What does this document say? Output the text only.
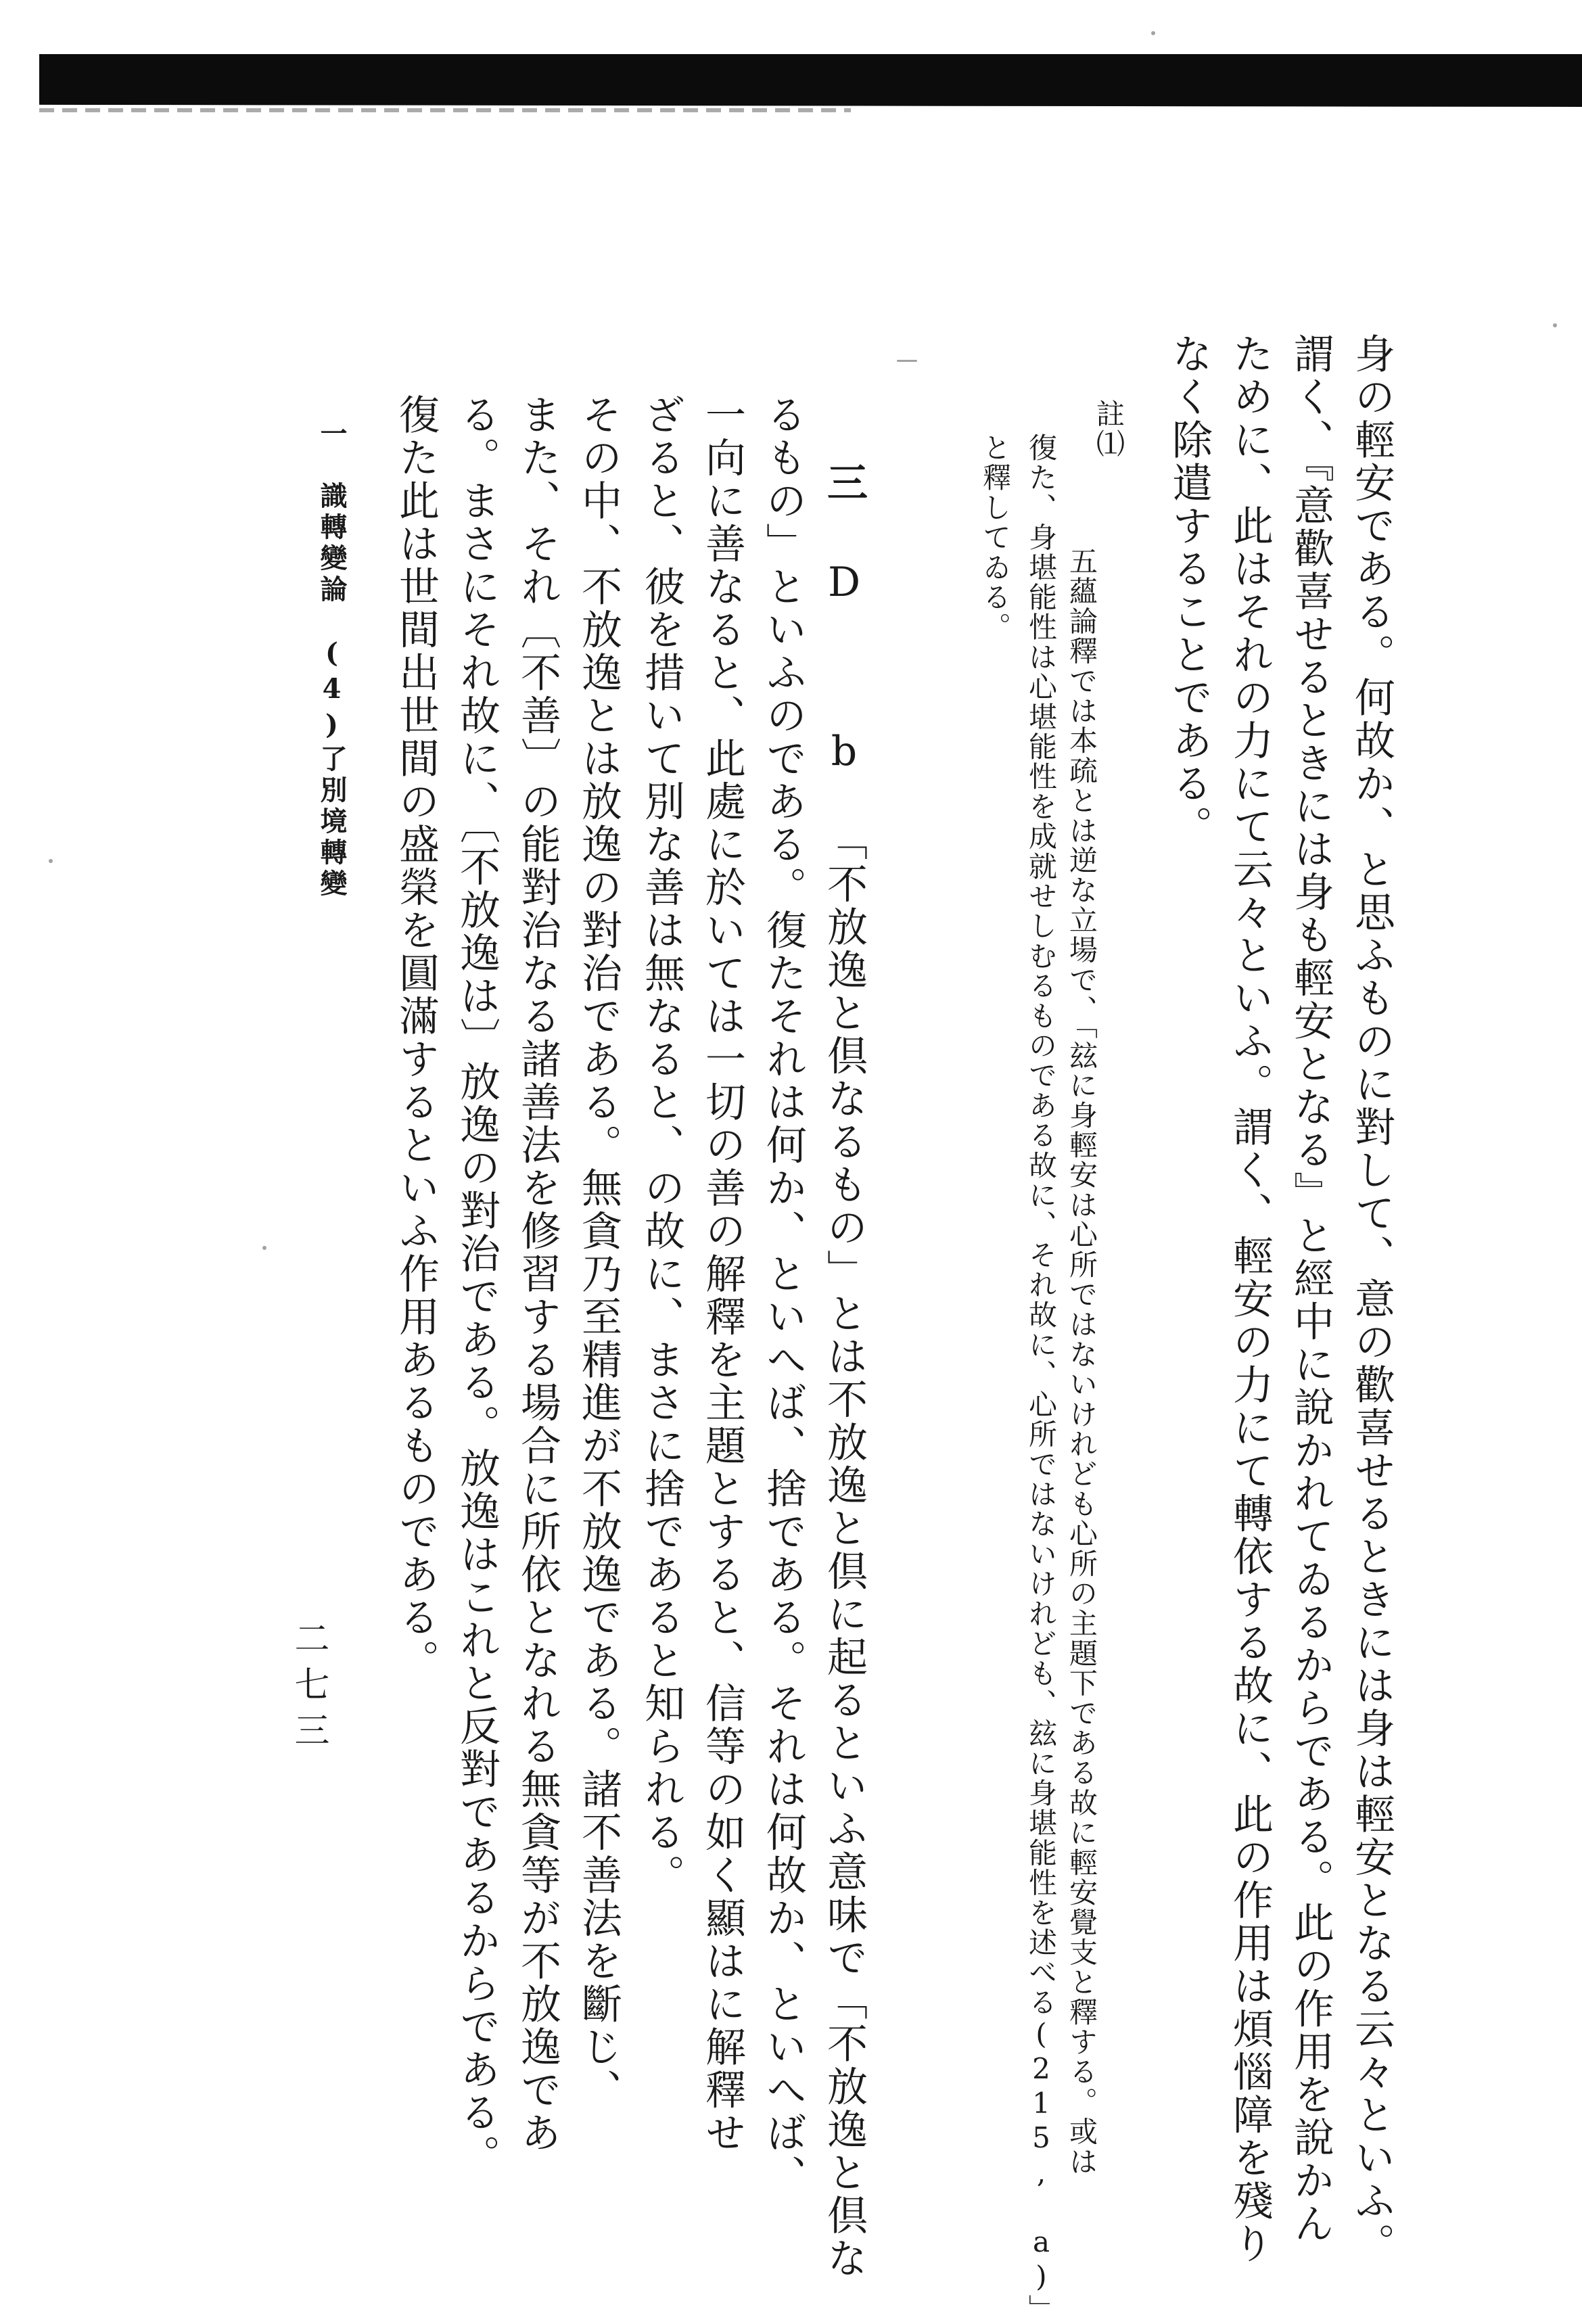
身の輕安である。何故か、と思ふものに對して、意の歡喜せるときには身は輕安となる云々といふ。
謂く、『意歡喜せるときには身も輕安となる』と經中に說かれてゐるからである。此の作用を說かん
ために、此はそれの力にて云々といふ。謂く、輕安の力にて轉依する故に、此の作用は煩惱障を殘り
なく除遣することである。
註⑴
五蘊論釋では本疏とは逆な立場で、「玆に身輕安は心所ではないけれども心所の主題下である故に輕安覺支と釋する。或は
復た、身堪能性は心堪能性を成就せしむるものである故に、それ故に、心所ではないけれども、玆に身堪能性を述べる(215, a)」
と釋してゐる。
三
D　b
「不放逸と倶なるもの」とは不放逸と倶に起るといふ意味で「不放逸と倶な
るもの」といふのである。復たそれは何か、といへば、捨である。それは何故か、といへば、
一向に善なると、此處に於いては一切の善の解釋を主題とすると、信等の如く顯はに解釋せ
ざると、彼を措いて別な善は無なると、の故に、まさに捨であると知られる。
その中、不放逸とは放逸の對治である。無貪乃至精進が不放逸である。諸不善法を斷じ、
また、それ〔不善〕の能對治なる諸善法を修習する場合に所依となれる無貪等が不放逸であ
る。まさにそれ故に、〔不放逸は〕放逸の對治である。放逸はこれと反對であるからである。
復た此は世間出世間の盛榮を圓滿するといふ作用あるものである。
二七三
一　識轉變論　(4)了別境轉變
